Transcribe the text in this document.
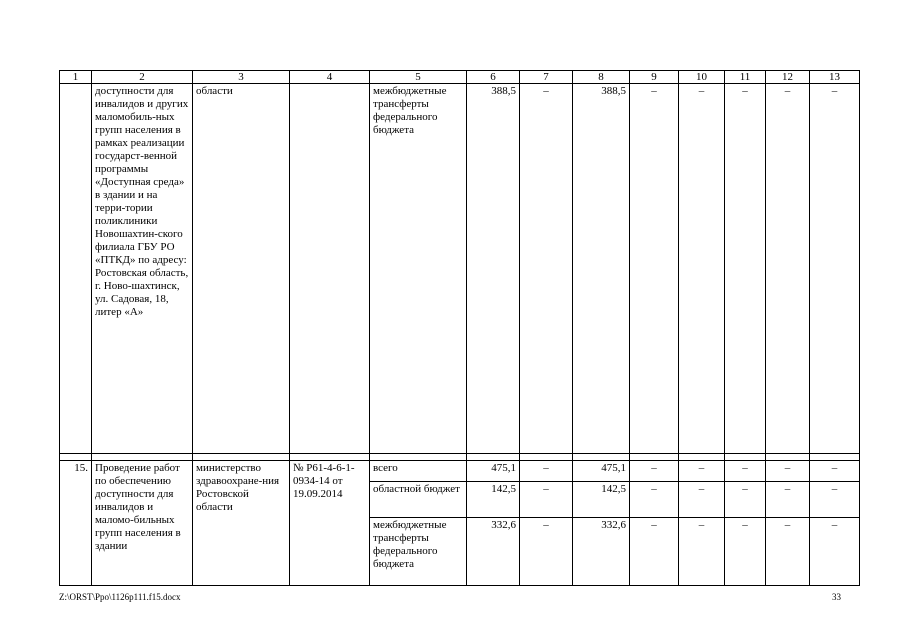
1	2	3	4	5	6	7	8	9	10	11	12	13
	доступности для инвалидов и других маломобиль-ных групп населения в рамках реализации государст-венной программы «Доступная среда» в здании и на терри-тории поликлиники Новошахтин-ского филиала ГБУ РО «ПТКД» по адресу: Ростовская область, г. Ново-шахтинск, ул. Садовая, 18, литер «А»	области		межбюджетные трансферты федерального бюджета	388,5	–	388,5	–	–	–	–	–

15.	Проведение работ по обеспечению доступности для инвалидов и маломо-бильных групп населения в здании	министерство здравоохране-ния Ростовской области	№ Р61-4-6-1-0934-14 от 19.09.2014	всего	475,1	–	475,1	–	–	–	–	–
				областной бюджет	142,5	–	142,5	–	–	–	–	–
				межбюджетные трансферты федерального бюджета	332,6	–	332,6	–	–	–	–	–
Z:\ORST\Ppo\1126p111.f15.docx	33
